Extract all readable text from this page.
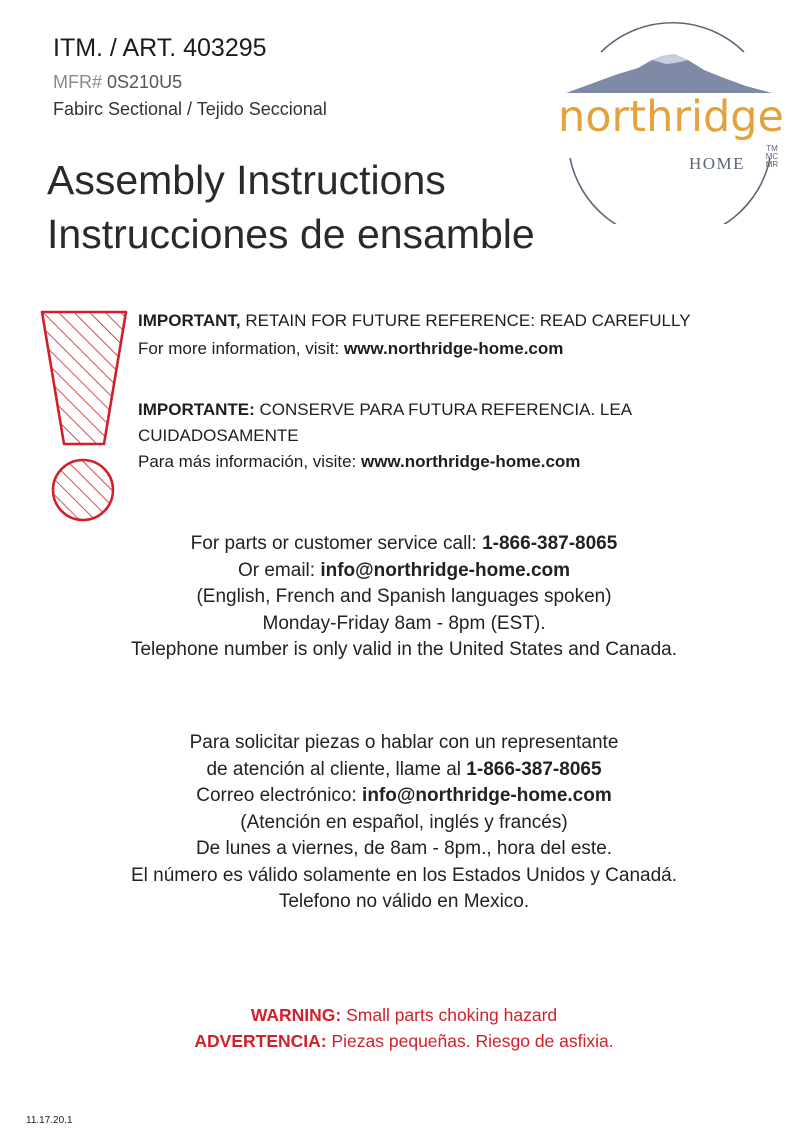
ITM. / ART. 403295
MFR# 0S210U5
Fabirc Sectional / Tejido Seccional
Assembly Instructions
Instrucciones de ensamble
northridge
HOME
TM
MC
MR
IMPORTANT, RETAIN FOR FUTURE REFERENCE: READ CAREFULLY
For more information, visit: www.northridge-home.com
IMPORTANTE: CONSERVE PARA FUTURA REFERENCIA. LEA
CUIDADOSAMENTE
Para más información, visite: www.northridge-home.com
For parts or customer service call: 1-866-387-8065
Or email: info@northridge-home.com
(English, French and Spanish languages spoken)
Monday-Friday 8am - 8pm (EST).
Telephone number is only valid in the United States and Canada.
Para solicitar piezas o hablar con un representante
de atención al cliente, llame al 1-866-387-8065
Correo electrónico: info@northridge-home.com
(Atención en español, inglés y francés)
De lunes a viernes, de 8am - 8pm., hora del este.
El número es válido solamente en los Estados Unidos y Canadá.
Telefono no válido en Mexico.
WARNING: Small parts choking hazard
ADVERTENCIA: Piezas pequeñas. Riesgo de asfixia.
11.17.20.1
